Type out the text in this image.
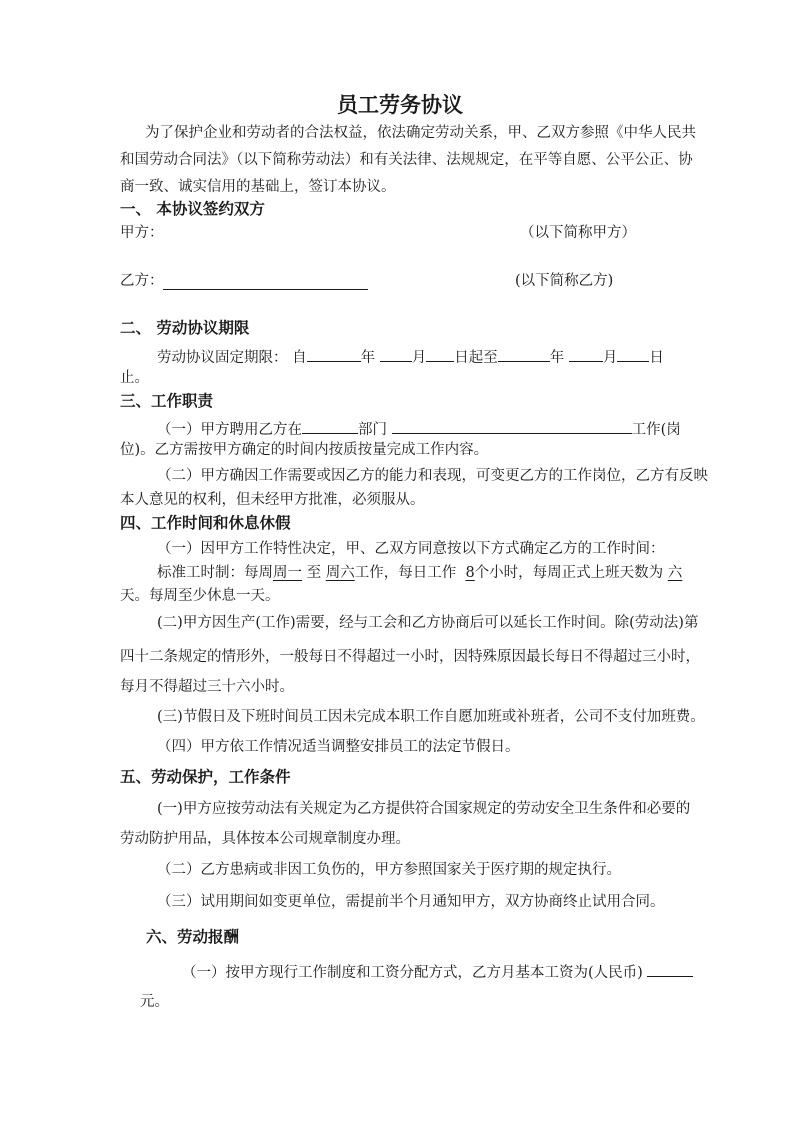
员工劳务协议
为了保护企业和劳动者的合法权益，依法确定劳动关系，甲、乙双方参照《中华人民共
和国劳动合同法》（以下简称劳动法）和有关法律、法规规定，在平等自愿、公平公正、协
商一致、诚实信用的基础上，签订本协议。
一、 本协议签约双方
甲方：	（以下简称甲方）
乙方：	(以下简称乙方)
二、 劳动协议期限
劳动协议固定期限： 自	年	月 日起至	年	月 日
止。
三、工作职责
（一）甲方聘用乙方在	部门	工作(岗
位)。乙方需按甲方确定的时间内按质按量完成工作内容。
（二）甲方确因工作需要或因乙方的能力和表现，可变更乙方的工作岗位，乙方有反映
本人意见的权利，但未经甲方批准，必须服从。
四、工作时间和休息休假
（一）因甲方工作特性决定，甲、乙双方同意按以下方式确定乙方的工作时间：
标准工时制：每周周一 至 周六工作，每日工作 8个小时，每周正式上班天数为 六
天。每周至少休息一天。
(二)甲方因生产(工作)需要，经与工会和乙方协商后可以延长工作时间。除(劳动法)第
四十二条规定的情形外，一般每日不得超过一小时，因特殊原因最长每日不得超过三小时，
每月不得超过三十六小时。
(三)节假日及下班时间员工因未完成本职工作自愿加班或补班者，公司不支付加班费。
（四）甲方依工作情况适当调整安排员工的法定节假日。
五、劳动保护，工作条件
(一)甲方应按劳动法有关规定为乙方提供符合国家规定的劳动安全卫生条件和必要的
劳动防护用品，具体按本公司规章制度办理。
（二）乙方患病或非因工负伤的，甲方参照国家关于医疗期的规定执行。
（三）试用期间如变更单位，需提前半个月通知甲方，双方协商终止试用合同。
六、劳动报酬
（一）按甲方现行工作制度和工资分配方式，乙方月基本工资为(人民币)
元。
